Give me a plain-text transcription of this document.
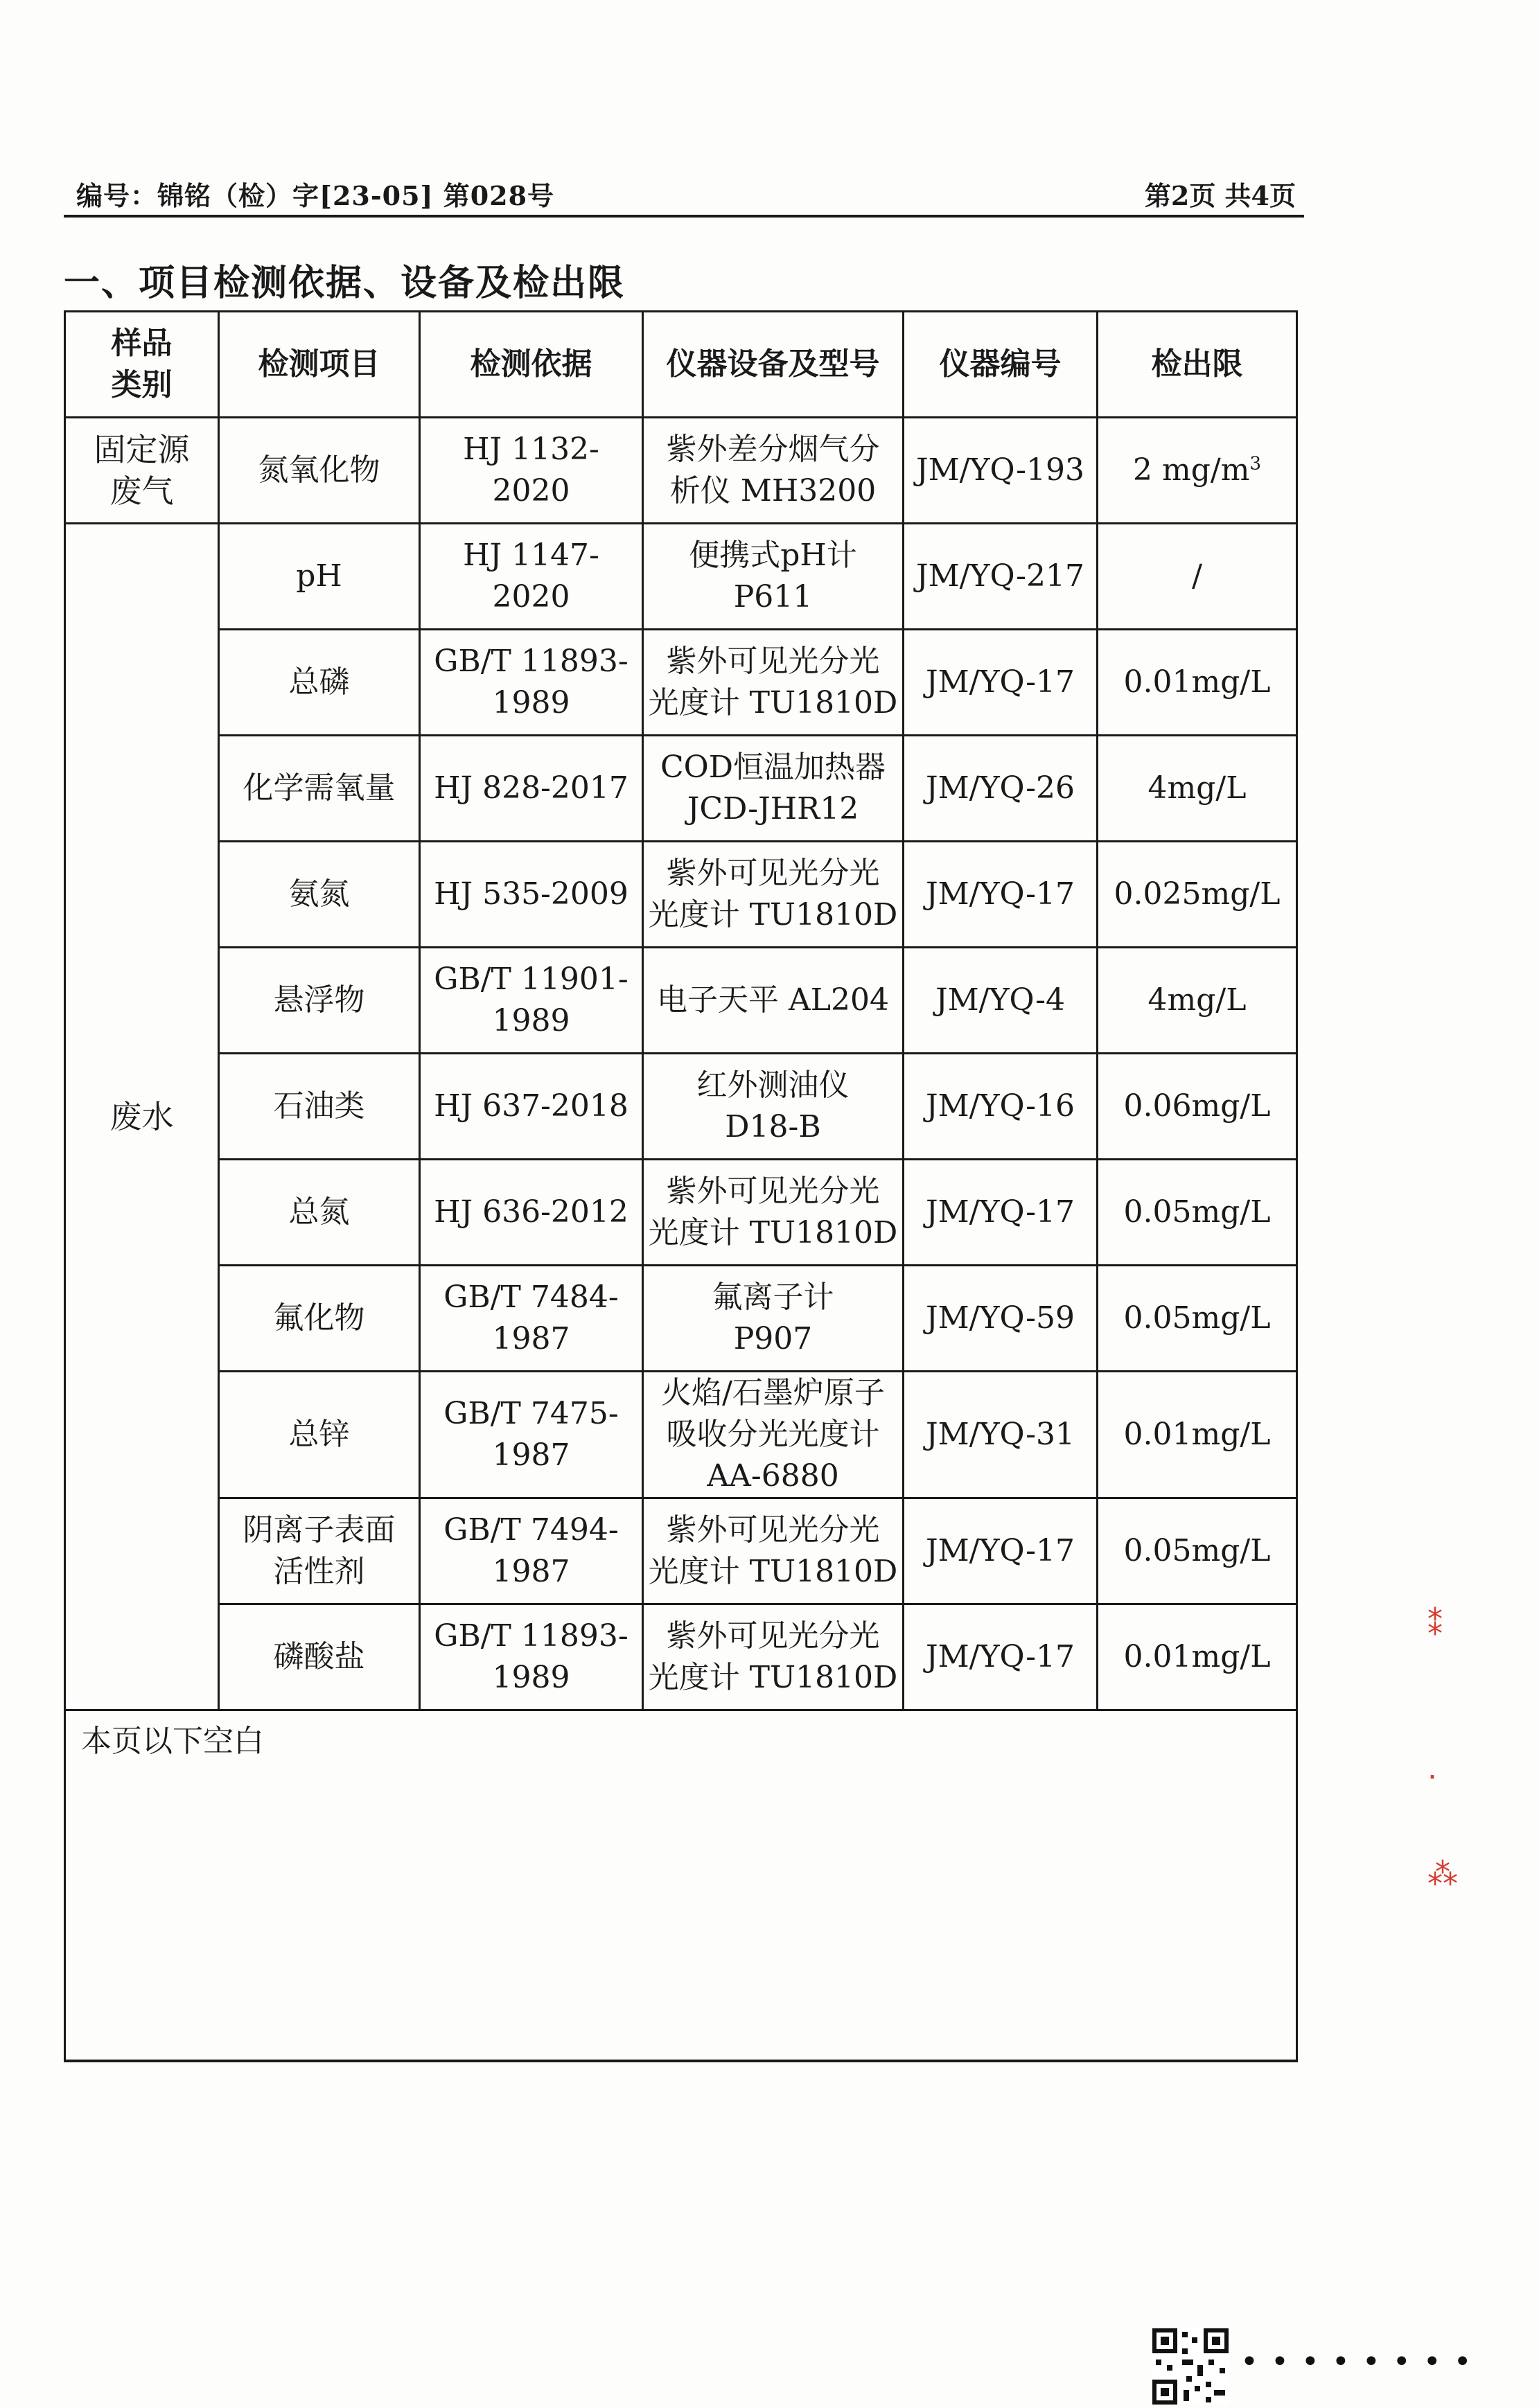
编号：锦铭（检）字[23-05] 第028号	第2页 共4页
一、项目检测依据、设备及检出限
样品
类别	检测项目	检测依据	仪器设备及型号	仪器编号	检出限

固定源
废气	氮氧化物	HJ 1132-2020	紫外差分烟气分
析仪 MH3200	JM/YQ-193	2 $mg/m^3$
废水	pH	HJ 1147-2020	便携式pH计
P611	JM/YQ-217	/

	总磷	GB/T 11893-
1989	紫外可见光分光
光度计 TU1810D	JM/YQ-17	0.01mg/L

	化学需氧量	HJ 828-2017	COD恒温加热器
JCD-JHR12	JM/YQ-26	4mg/L

	氨氮	HJ 535-2009	紫外可见光分光
光度计 TU1810D	JM/YQ-17	0.025mg/L

	悬浮物	GB/T 11901-
1989	电子天平 AL204	JM/YQ-4	4mg/L

	石油类	HJ 637-2018	红外测油仪
D18-B	JM/YQ-16	0.06mg/L

	总氮	HJ 636-2012	紫外可见光分光
光度计 TU1810D	JM/YQ-17	0.05mg/L

	氟化物	GB/T 7484-
1987	氟离子计
P907	JM/YQ-59	0.05mg/L

	总锌	GB/T 7475-
1987	火焰/石墨炉原子
吸收分光光度计
AA-6880	JM/YQ-31	0.01mg/L

	阴离子表面
活性剂	GB/T 7494-
1987	紫外可见光分光
光度计 TU1810D	JM/YQ-17	0.05mg/L

	磷酸盐	GB/T 11893-
1989	紫外可见光分光
光度计 TU1810D	JM/YQ-17	0.01mg/L
本页以下空白					
⁑
·
⁂
••••••••
